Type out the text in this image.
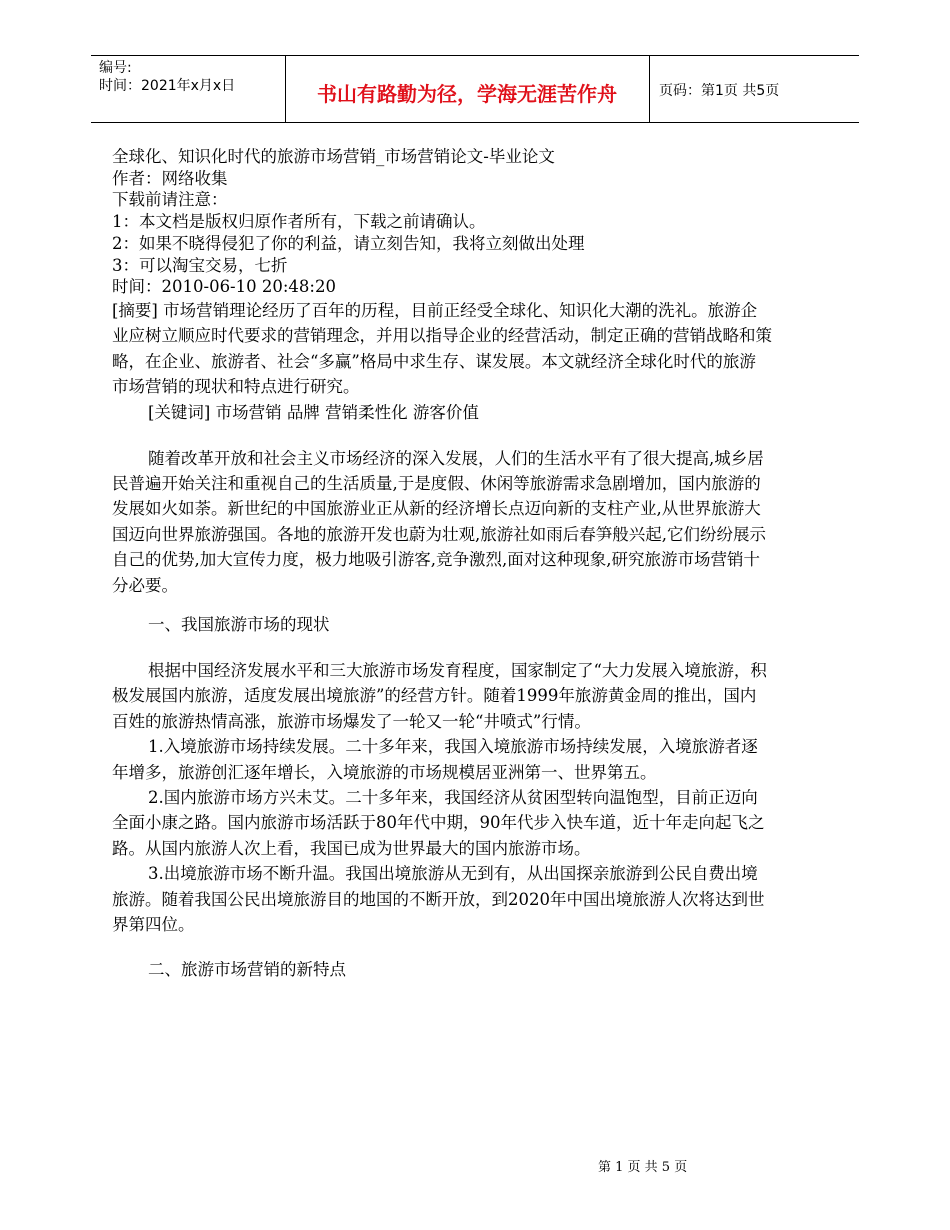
编号:
时间：2021年x月x日	书山有路勤为径，学海无涯苦作舟	页码：第1页 共5页
全球化、知识化时代的旅游市场营销_市场营销论文-毕业论文
作者：网络收集
下载前请注意：
1：本文档是版权归原作者所有，下载之前请确认。
2：如果不晓得侵犯了你的利益，请立刻告知，我将立刻做出处理
3：可以淘宝交易，七折
时间：2010-06-10 20:48:20
[摘要] 市场营销理论经历了百年的历程，目前正经受全球化、知识化大潮的洗礼。旅游企业应树立顺应时代要求的营销理念，并用以指导企业的经营活动，制定正确的营销战略和策略，在企业、旅游者、社会“多赢”格局中求生存、谋发展。本文就经济全球化时代的旅游市场营销的现状和特点进行研究。
[关键词] 市场营销 品牌 营销柔性化 游客价值
随着改革开放和社会主义市场经济的深入发展，人们的生活水平有了很大提高,城乡居民普遍开始关注和重视自己的生活质量,于是度假、休闲等旅游需求急剧增加，国内旅游的发展如火如荼。新世纪的中国旅游业正从新的经济增长点迈向新的支柱产业,从世界旅游大国迈向世界旅游强国。各地的旅游开发也蔚为壮观,旅游社如雨后春笋般兴起,它们纷纷展示自己的优势,加大宣传力度，极力地吸引游客,竞争激烈,面对这种现象,研究旅游市场营销十分必要。
一、我国旅游市场的现状
根据中国经济发展水平和三大旅游市场发育程度，国家制定了“大力发展入境旅游，积极发展国内旅游，适度发展出境旅游”的经营方针。随着1999年旅游黄金周的推出，国内百姓的旅游热情高涨，旅游市场爆发了一轮又一轮“井喷式”行情。
1.入境旅游市场持续发展。二十多年来，我国入境旅游市场持续发展，入境旅游者逐年增多，旅游创汇逐年增长，入境旅游的市场规模居亚洲第一、世界第五。
2.国内旅游市场方兴未艾。二十多年来，我国经济从贫困型转向温饱型，目前正迈向全面小康之路。国内旅游市场活跃于80年代中期，90年代步入快车道，近十年走向起飞之路。从国内旅游人次上看，我国已成为世界最大的国内旅游市场。
3.出境旅游市场不断升温。我国出境旅游从无到有，从出国探亲旅游到公民自费出境旅游。随着我国公民出境旅游目的地国的不断开放，到2020年中国出境旅游人次将达到世界第四位。
二、旅游市场营销的新特点
第 1 页 共 5 页
